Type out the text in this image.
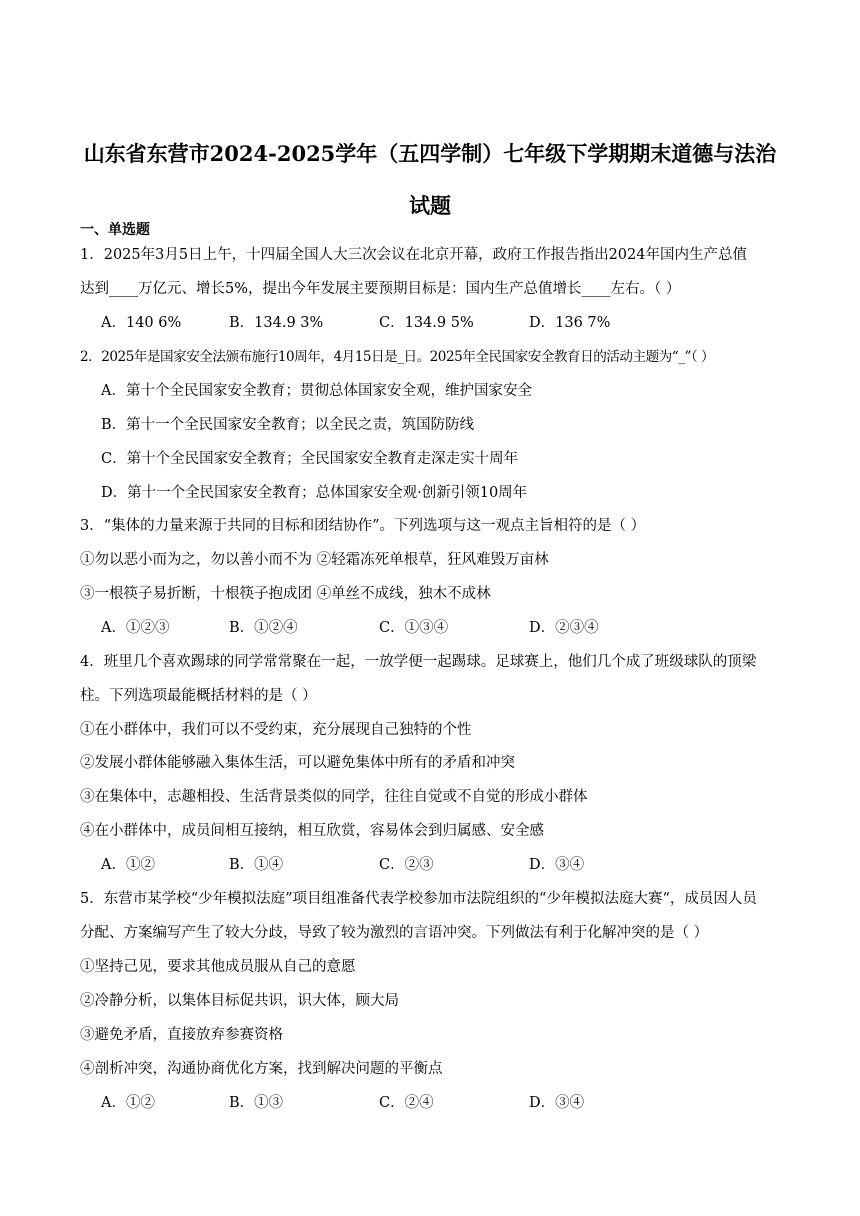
山东省东营市2024-2025学年（五四学制）七年级下学期期末道德与法治
试题
一、单选题
1．2025年3月5日上午，十四届全国人大三次会议在北京开幕，政府工作报告指出2024年国内生产总值
达到____万亿元、增长5%，提出今年发展主要预期目标是：国内生产总值增长____左右。（ ）
A．140 6%	B．134.9 3%	C．134.9 5%	D．136 7%
2．2025年是国家安全法颁布施行10周年，4月15日是_日。2025年全民国家安全教育日的活动主题为“_”（ ）
A．第十个全民国家安全教育；贯彻总体国家安全观，维护国家安全
B．第十一个全民国家安全教育；以全民之责，筑国防防线
C．第十个全民国家安全教育；全民国家安全教育走深走实十周年
D．第十一个全民国家安全教育；总体国家安全观·创新引领10周年
3．“集体的力量来源于共同的目标和团结协作”。下列选项与这一观点主旨相符的是（ ）
①勿以恶小而为之，勿以善小而不为 ②轻霜冻死单根草，狂风难毁万亩林
③一根筷子易折断，十根筷子抱成团 ④单丝不成线，独木不成林
A．①②③	B．①②④	C．①③④	D．②③④
4．班里几个喜欢踢球的同学常常聚在一起，一放学便一起踢球。足球赛上，他们几个成了班级球队的顶梁
柱。下列选项最能概括材料的是（ ）
①在小群体中，我们可以不受约束，充分展现自己独特的个性
②发展小群体能够融入集体生活，可以避免集体中所有的矛盾和冲突
③在集体中，志趣相投、生活背景类似的同学，往往自觉或不自觉的形成小群体
④在小群体中，成员间相互接纳，相互欣赏，容易体会到归属感、安全感
A．①②	B．①④	C．②③	D．③④
5．东营市某学校“少年模拟法庭”项目组准备代表学校参加市法院组织的“少年模拟法庭大赛“，成员因人员
分配、方案编写产生了较大分歧，导致了较为激烈的言语冲突。下列做法有利于化解冲突的是（ ）
①坚持己见，要求其他成员服从自己的意愿
②冷静分析，以集体目标促共识，识大体，顾大局
③避免矛盾，直接放弃参赛资格
④剖析冲突，沟通协商优化方案，找到解决问题的平衡点
A．①②	B．①③	C．②④	D．③④
